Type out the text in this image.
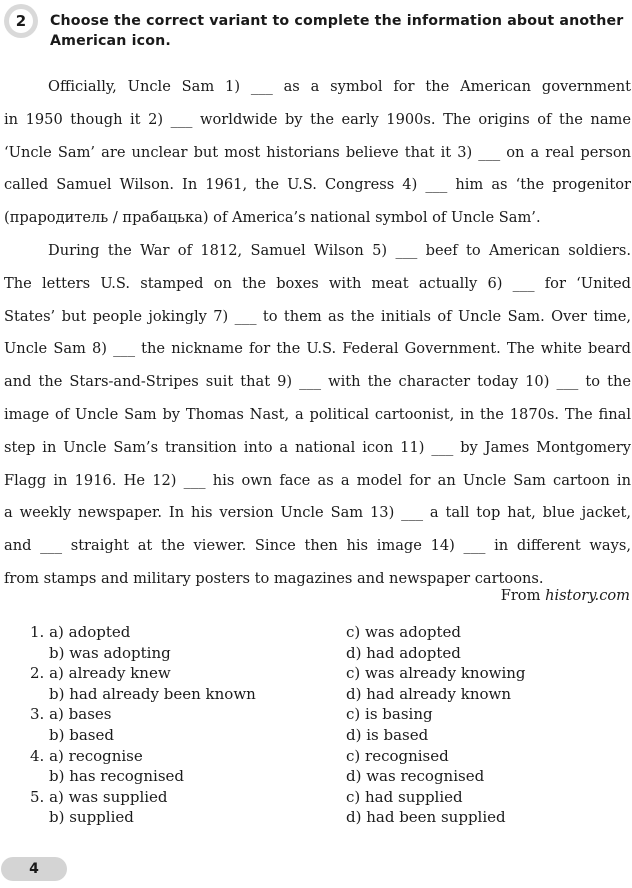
2	Choose the correct variant to complete the information about another American icon.
Officially, Uncle Sam 1) ___ as a symbol for the American government
in 1950 though it 2) ___ worldwide by the early 1900s. The origins of the name
‘Uncle Sam’ are unclear but most historians believe that it 3) ___ on a real person
called Samuel Wilson. In 1961, the U.S. Congress 4) ___ him as ‘the progenitor
(прародитель / прабацька) of America’s national symbol of Uncle Sam’.
During the War of 1812, Samuel Wilson 5) ___ beef to American soldiers.
The letters U.S. stamped on the boxes with meat actually 6) ___ for ‘United
States’ but people jokingly 7) ___ to them as the initials of Uncle Sam. Over time,
Uncle Sam 8) ___ the nickname for the U.S. Federal Government. The white beard
and the Stars-and-Stripes suit that 9) ___ with the character today 10) ___ to the
image of Uncle Sam by Thomas Nast, a political cartoonist, in the 1870s. The final
step in Uncle Sam’s transition into a national icon 11) ___ by James Montgomery
Flagg in 1916. He 12) ___ his own face as a model for an Uncle Sam cartoon in
a weekly newspaper. In his version Uncle Sam 13) ___ a tall top hat, blue jacket,
and ___ straight at the viewer. Since then his image 14) ___ in different ways,
from stamps and military posters to magazines and newspaper cartoons.
From history.com
1. a) adopted
b) was adopting
2. a) already knew
b) had already been known
3. a) bases
b) based
4. a) recognise
b) has recognised
5. a) was supplied
b) supplied
c) was adopted
d) had adopted
c) was already knowing
d) had already known
c) is basing
d) is based
c) recognised
d) was recognised
c) had supplied
d) had been supplied
4
